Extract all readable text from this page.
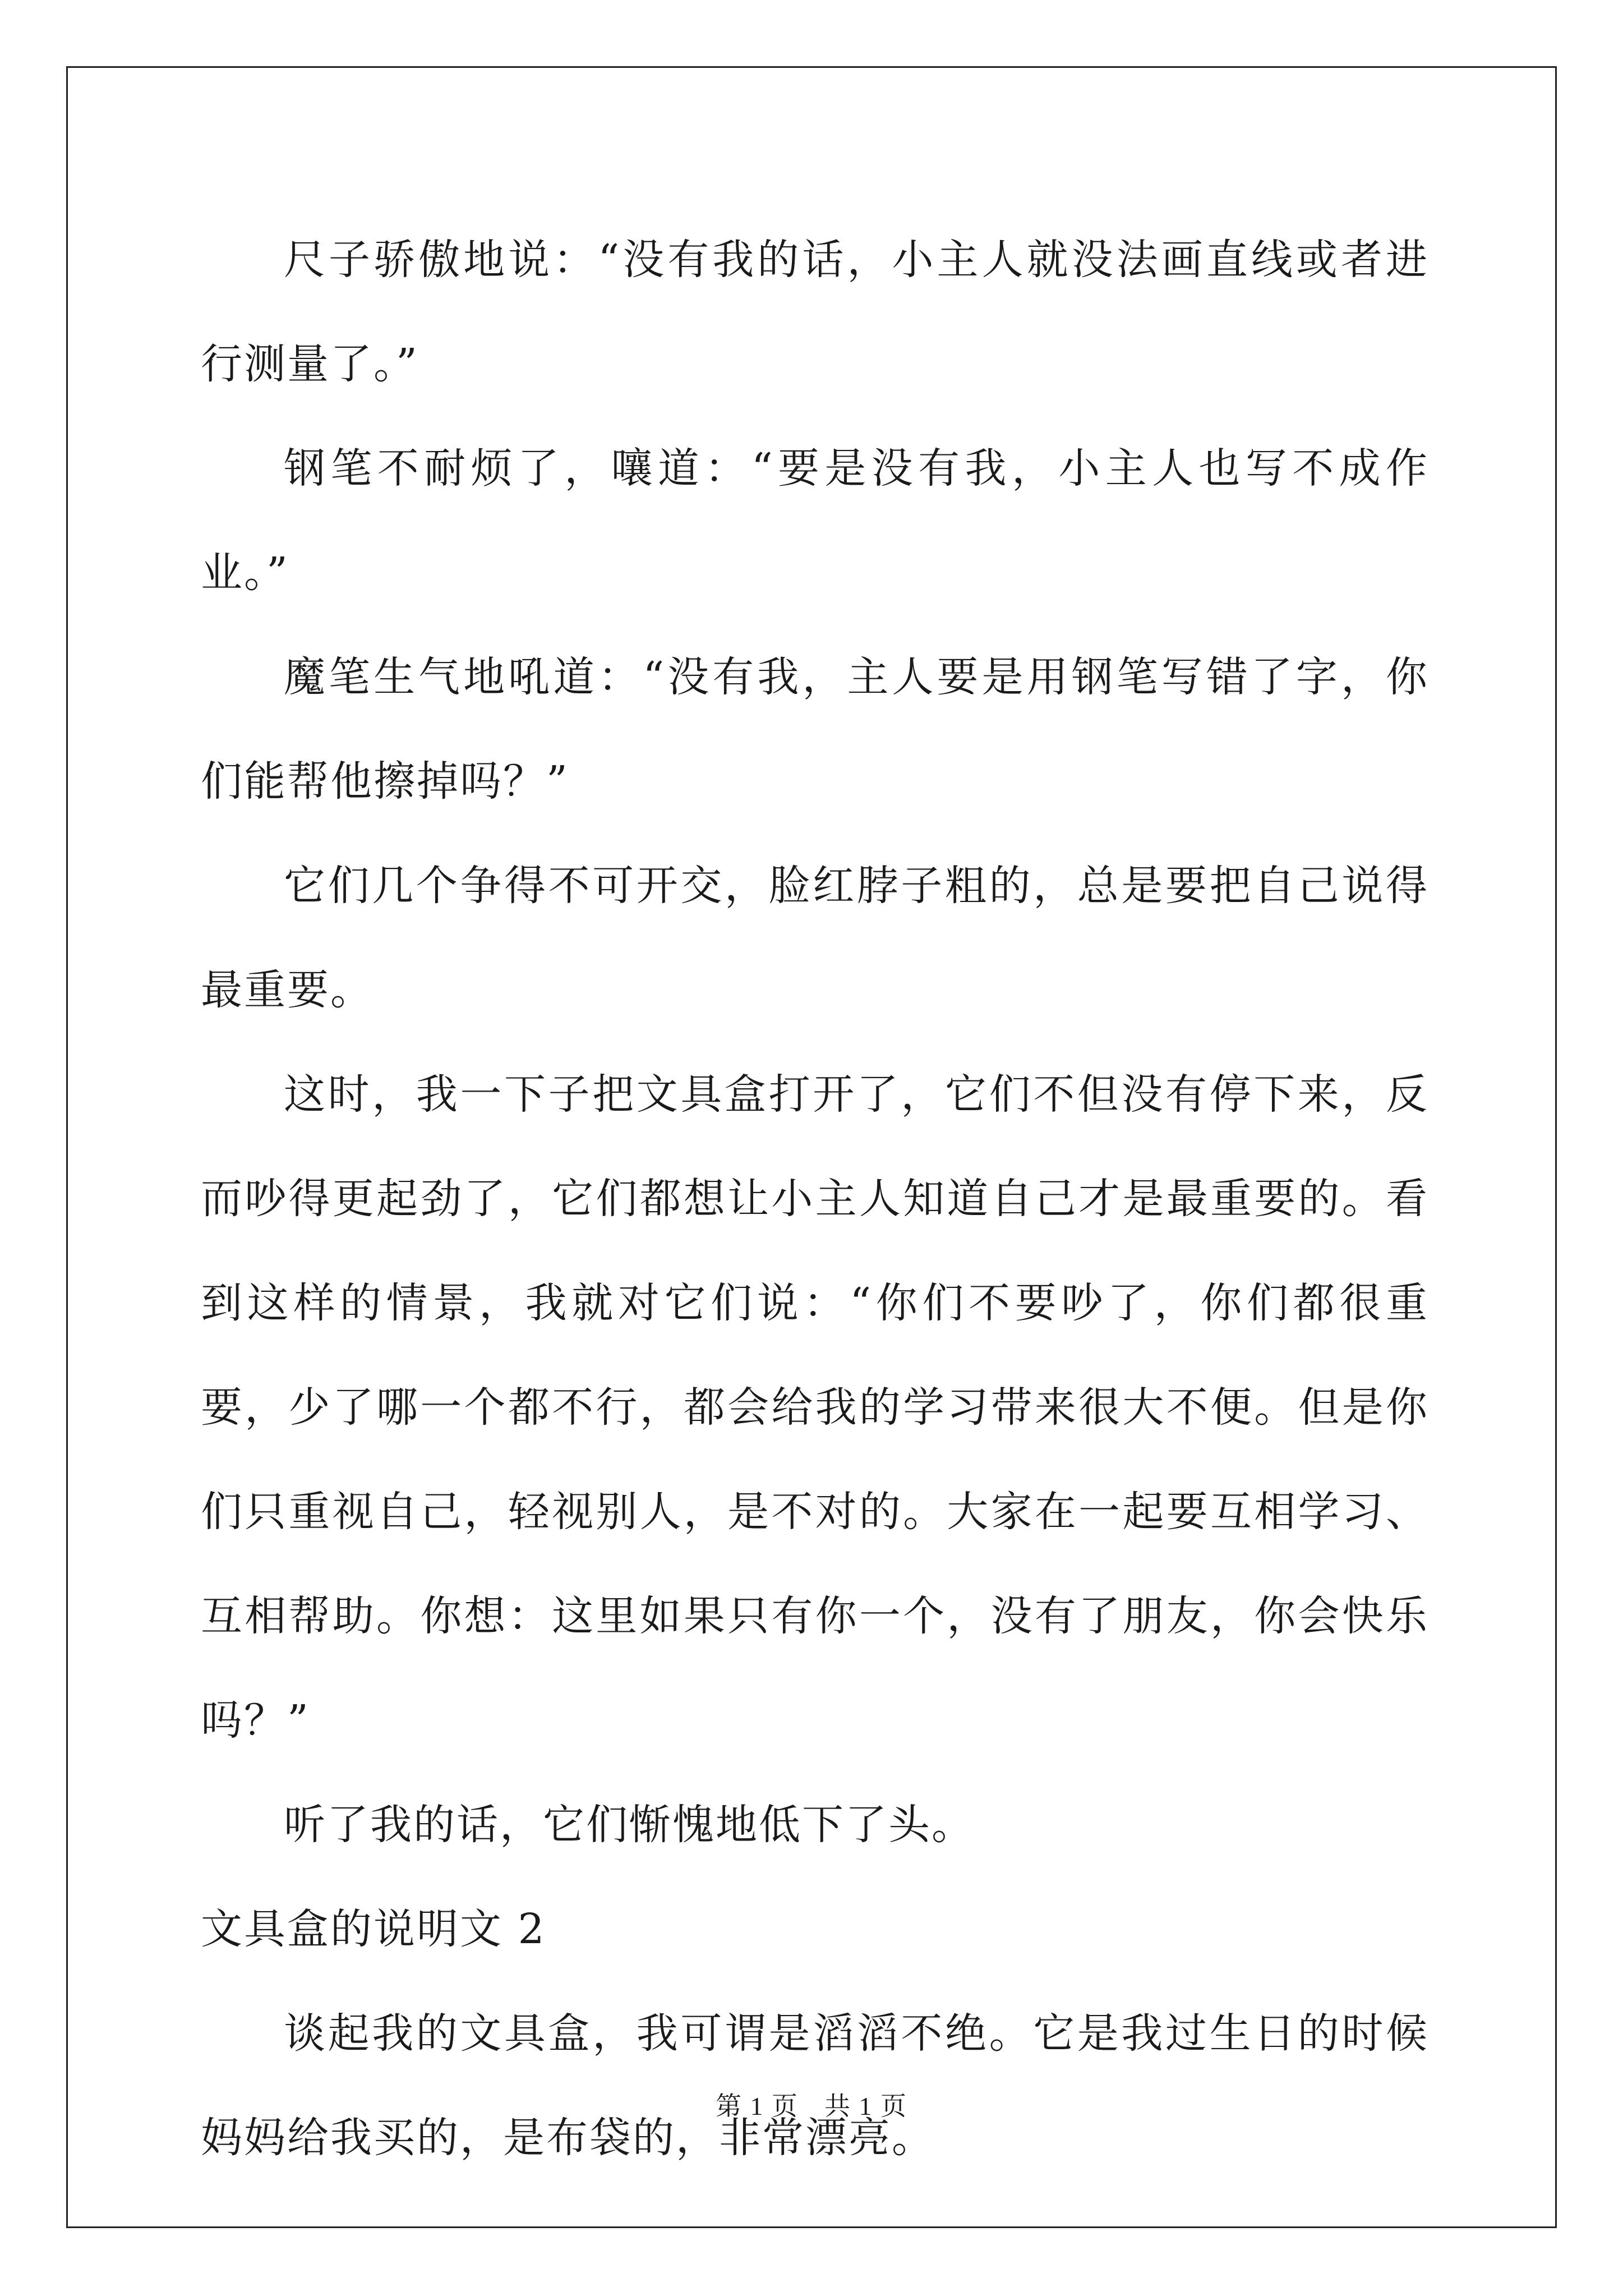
尺子骄傲地说：“没有我的话，小主人就没法画直线或者进行测量了。”

钢笔不耐烦了，嚷道：“要是没有我，小主人也写不成作业。”

魔笔生气地吼道：“没有我，主人要是用钢笔写错了字，你们能帮他擦掉吗？”

它们几个争得不可开交，脸红脖子粗的，总是要把自己说得最重要。

这时，我一下子把文具盒打开了，它们不但没有停下来，反而吵得更起劲了，它们都想让小主人知道自己才是最重要的。看到这样的情景，我就对它们说：“你们不要吵了，你们都很重要，少了哪一个都不行，都会给我的学习带来很大不便。但是你们只重视自己，轻视别人，是不对的。大家在一起要互相学习、互相帮助。你想：这里如果只有你一个，没有了朋友，你会快乐吗？”

听了我的话，它们惭愧地低下了头。

文具盒的说明文 2

谈起我的文具盒，我可谓是滔滔不绝。它是我过生日的时候妈妈给我买的，是布袋的，非常漂亮。

第 1 页 共 1 页
